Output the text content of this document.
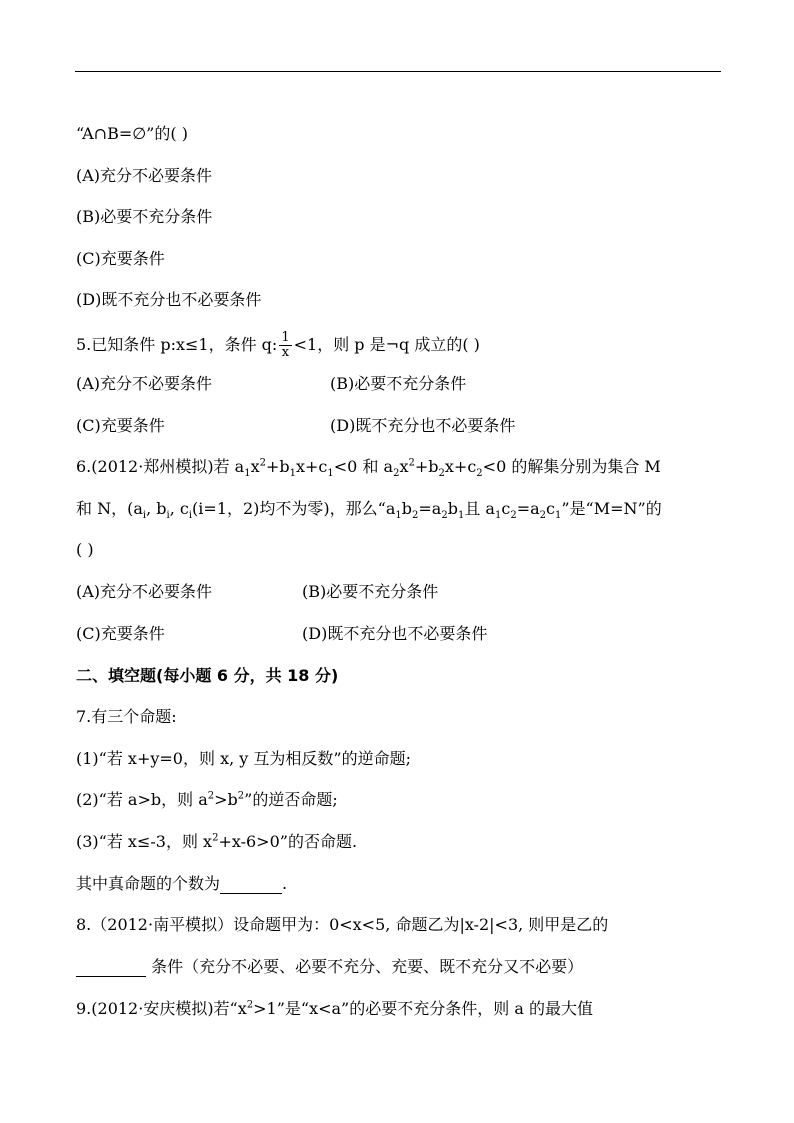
“A∩B=∅”的( )
(A)充分不必要条件
(B)必要不充分条件
(C)充要条件
(D)既不充分也不必要条件
5.已知条件 p:x≤1，条件 q: $\frac{1}{x} <1$，则 p 是¬q 成立的( )
(A)充分不必要条件	(B)必要不充分条件
(C)充要条件	(D)既不充分也不必要条件
6.(2012·郑州模拟)若 $a_1x^2+b_1x+c_1<0$ 和 $a_2x^2+b_2x+c_2<0$ 的解集分别为集合 M
和 N，($a_i$, $b_i$, $c_i(i=1$，2)均不为零)，那么“$a_1b_2=a_2b_1$且 $a_1c_2=a_2c_1$”是“M=N”的
( )
(A)充分不必要条件	(B)必要不充分条件
(C)充要条件	(D)既不充分也不必要条件
二、填空题(每小题 6 分，共 18 分)
7.有三个命题:
(1)“若 x+y=0，则 x, y 互为相反数”的逆命题;
(2)“若 a>b，则 $a^2>b^2$”的逆否命题;
(3)“若 x≤-3，则 $x^2+x-6>0$”的否命题.
其中真命题的个数为	.
8.（2012·南平模拟）设命题甲为：0<x<5, 命题乙为|x-2|<3, 则甲是乙的
条件（充分不必要、必要不充分、充要、既不充分又不必要）
9.(2012·安庆模拟)若“$x^2>1$”是“x<a”的必要不充分条件，则 a 的最大值
